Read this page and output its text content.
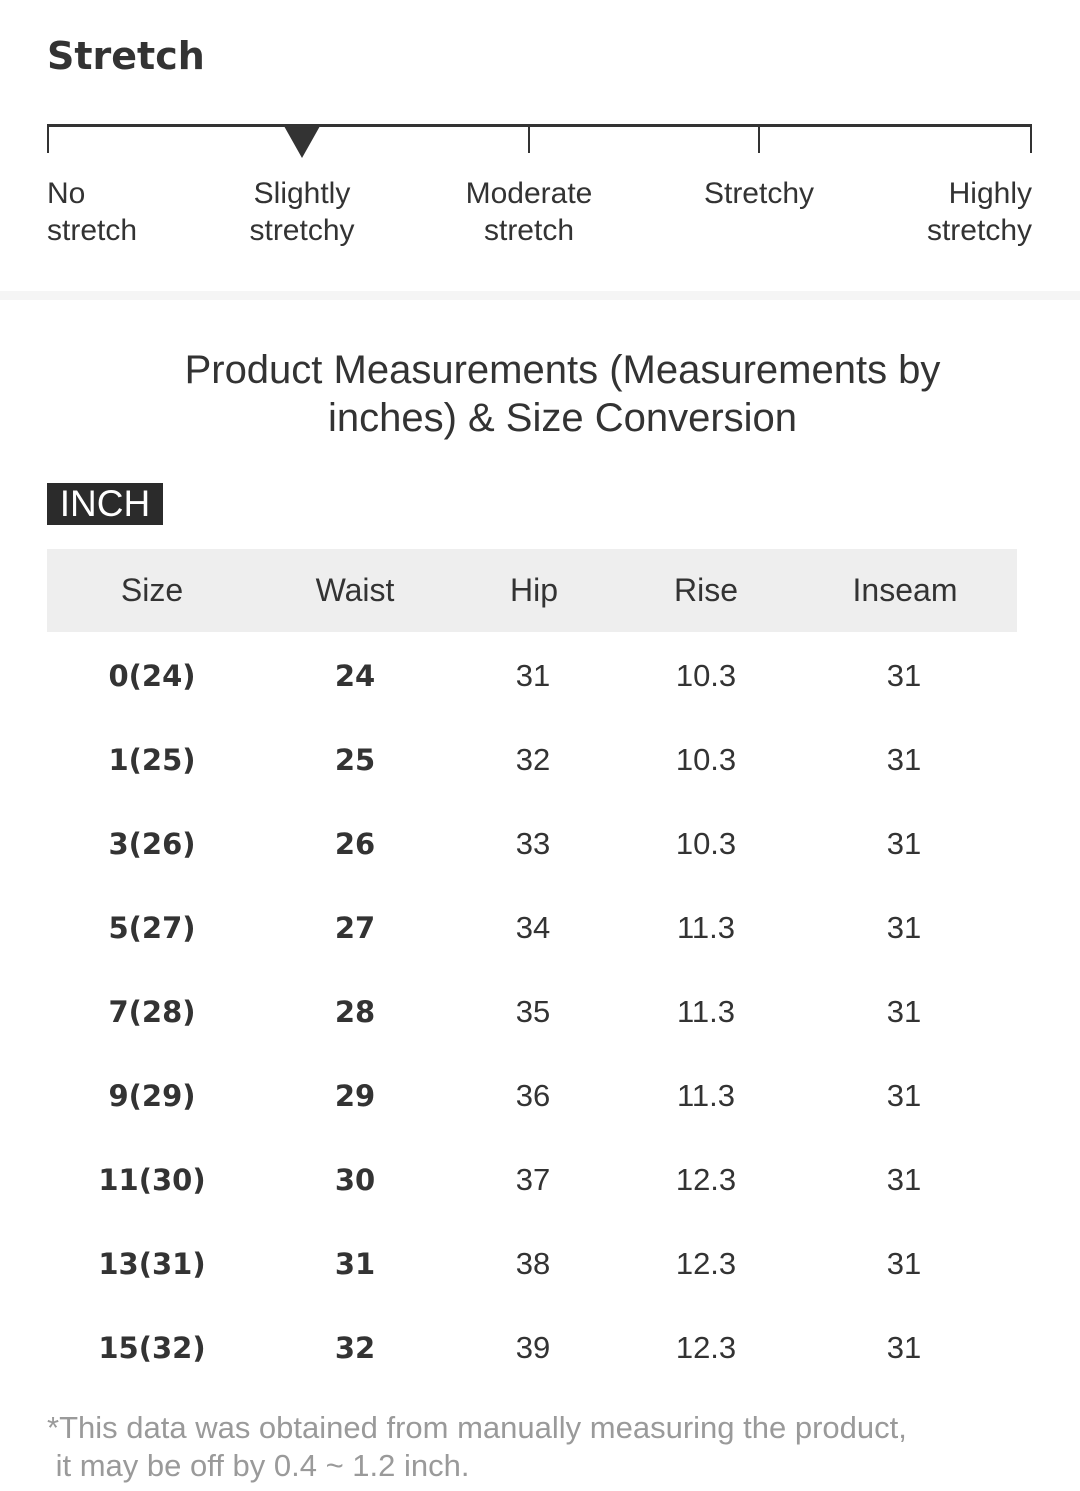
Stretch
No
stretch
Slightly
stretchy
Moderate
stretch
Stretchy	Highly
stretchy
Product Measurements (Measurements by
inches) & Size Conversion
INCH
Size	Waist	Hip	Rise	Inseam
0(24)	24	31	10.3	31
1(25)	25	32	10.3	31
3(26)	26	33	10.3	31
5(27)	27	34	11.3	31
7(28)	28	35	11.3	31
9(29)	29	36	11.3	31
11(30)	30	37	12.3	31
13(31)	31	38	12.3	31
15(32)	32	39	12.3	31
*This data was obtained from manually measuring the product,
it may be off by 0.4 ~ 1.2 inch.
